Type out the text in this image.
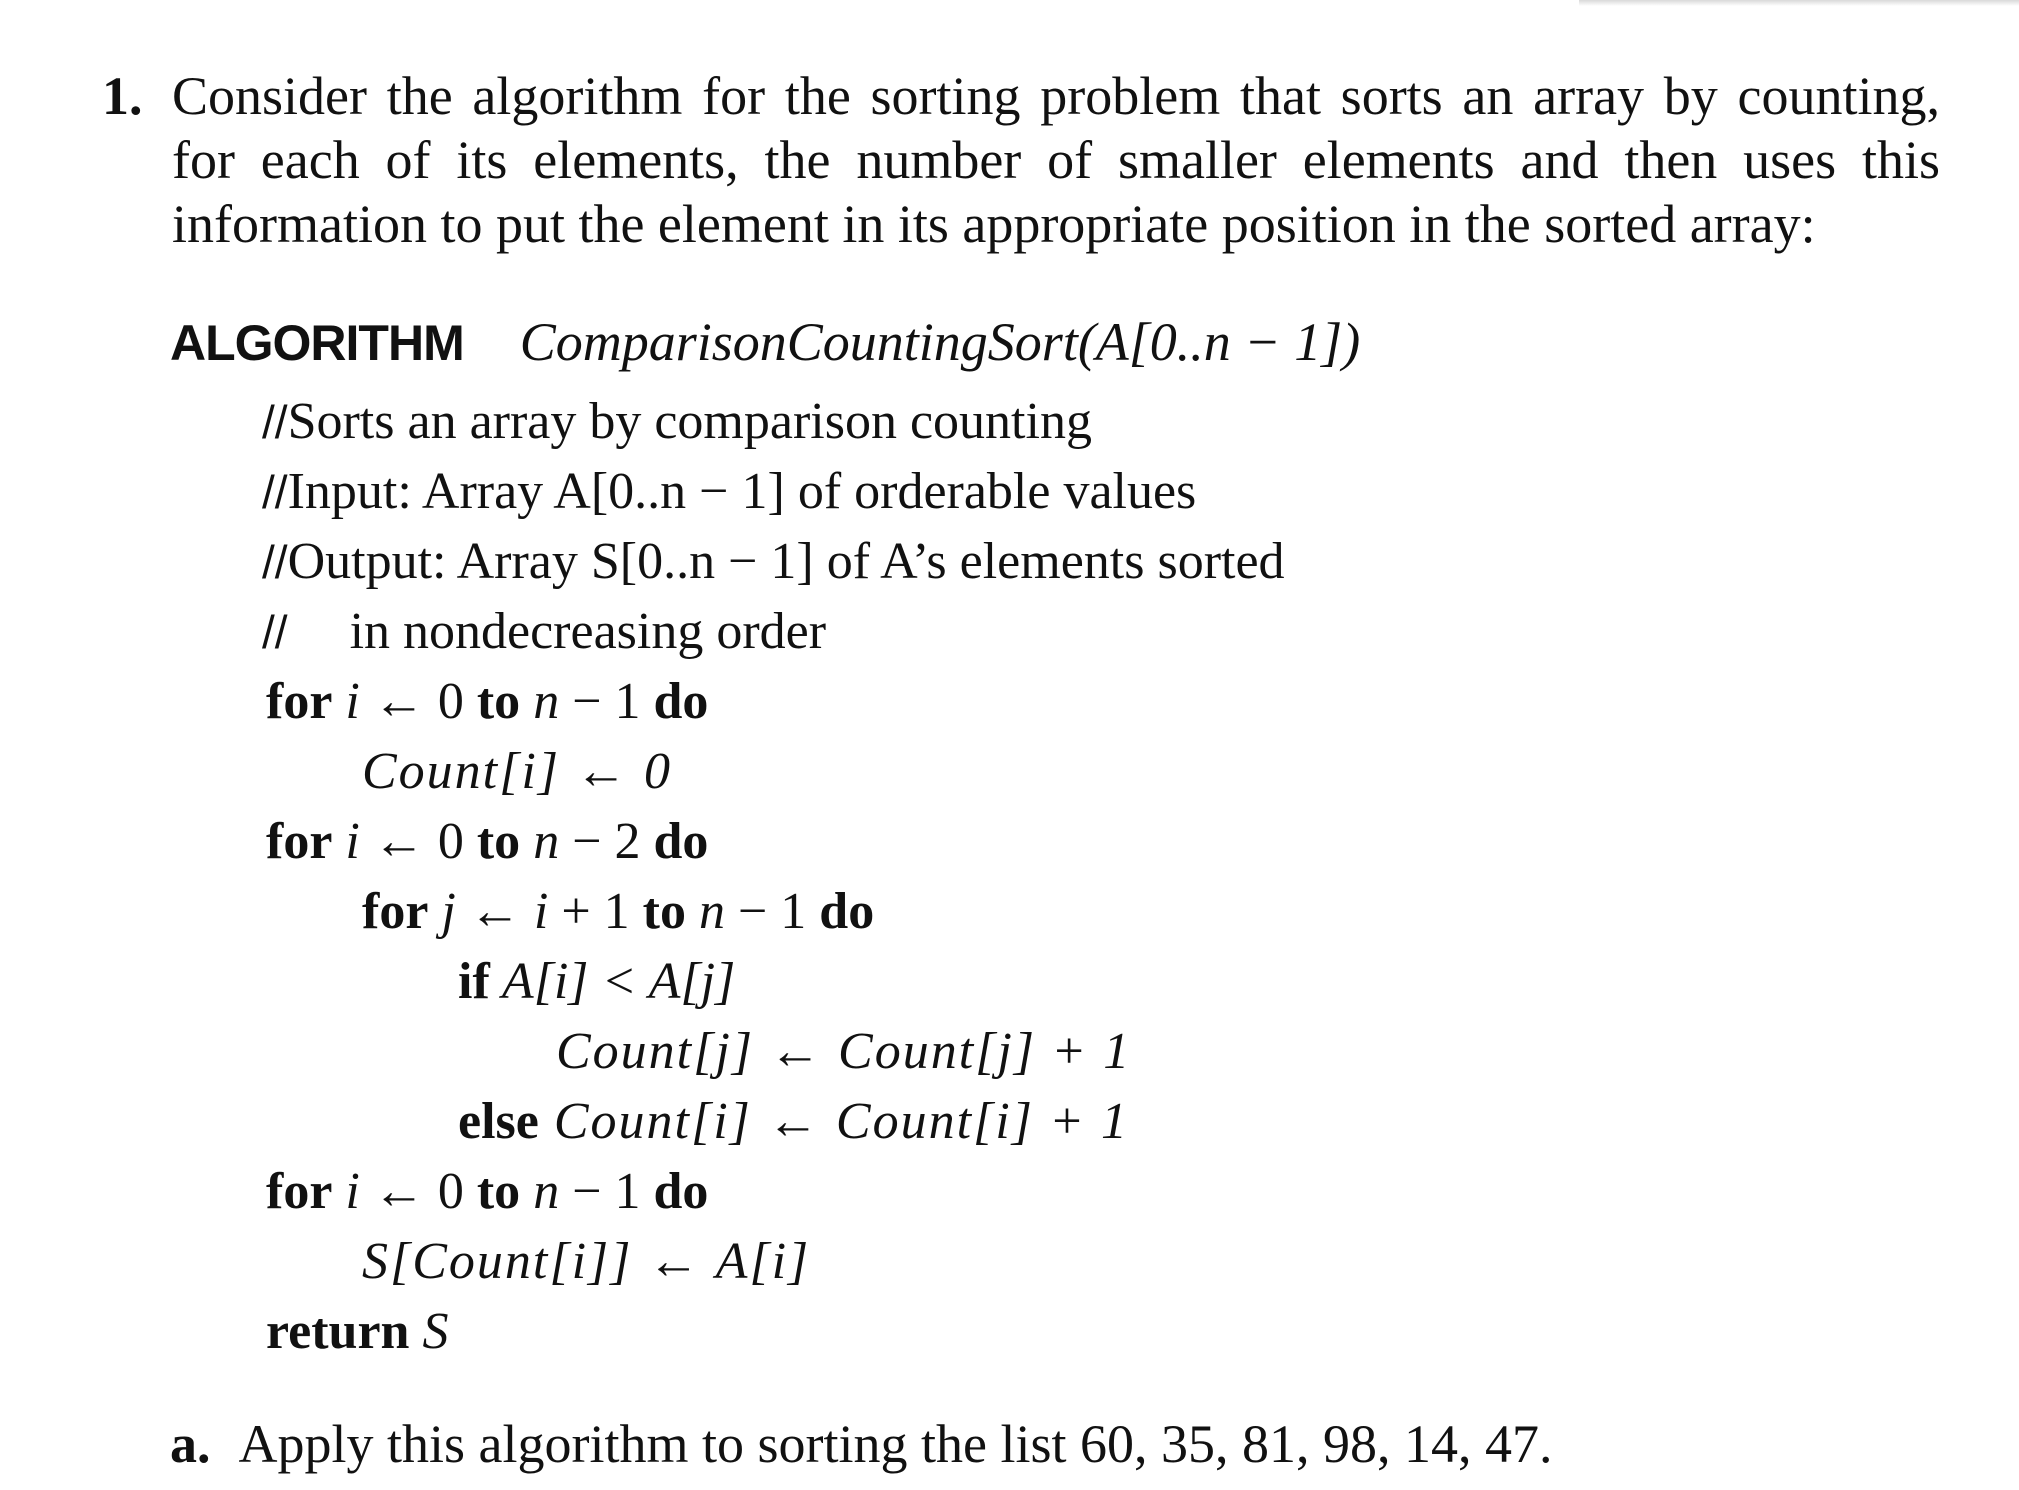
1. Consider the algorithm for the sorting problem that sorts an array by counting, for each of its elements, the number of smaller elements and then uses this information to put the element in its appropriate position in the sorted array:
ALGORITHM ComparisonCountingSort(A[0..n − 1])
//Sorts an array by comparison counting
//Input: Array A[0..n − 1] of orderable values
//Output: Array S[0..n − 1] of A’s elements sorted
// in nondecreasing order
for i ← 0 to n − 1 do
Count[i] ← 0
for i ← 0 to n − 2 do
for j ← i + 1 to n − 1 do
if A[i] < A[j]
Count[j] ← Count[j] + 1
else Count[i] ← Count[i] + 1
for i ← 0 to n − 1 do
S[Count[i]] ← A[i]
return S
a. Apply this algorithm to sorting the list 60, 35, 81, 98, 14, 47.
